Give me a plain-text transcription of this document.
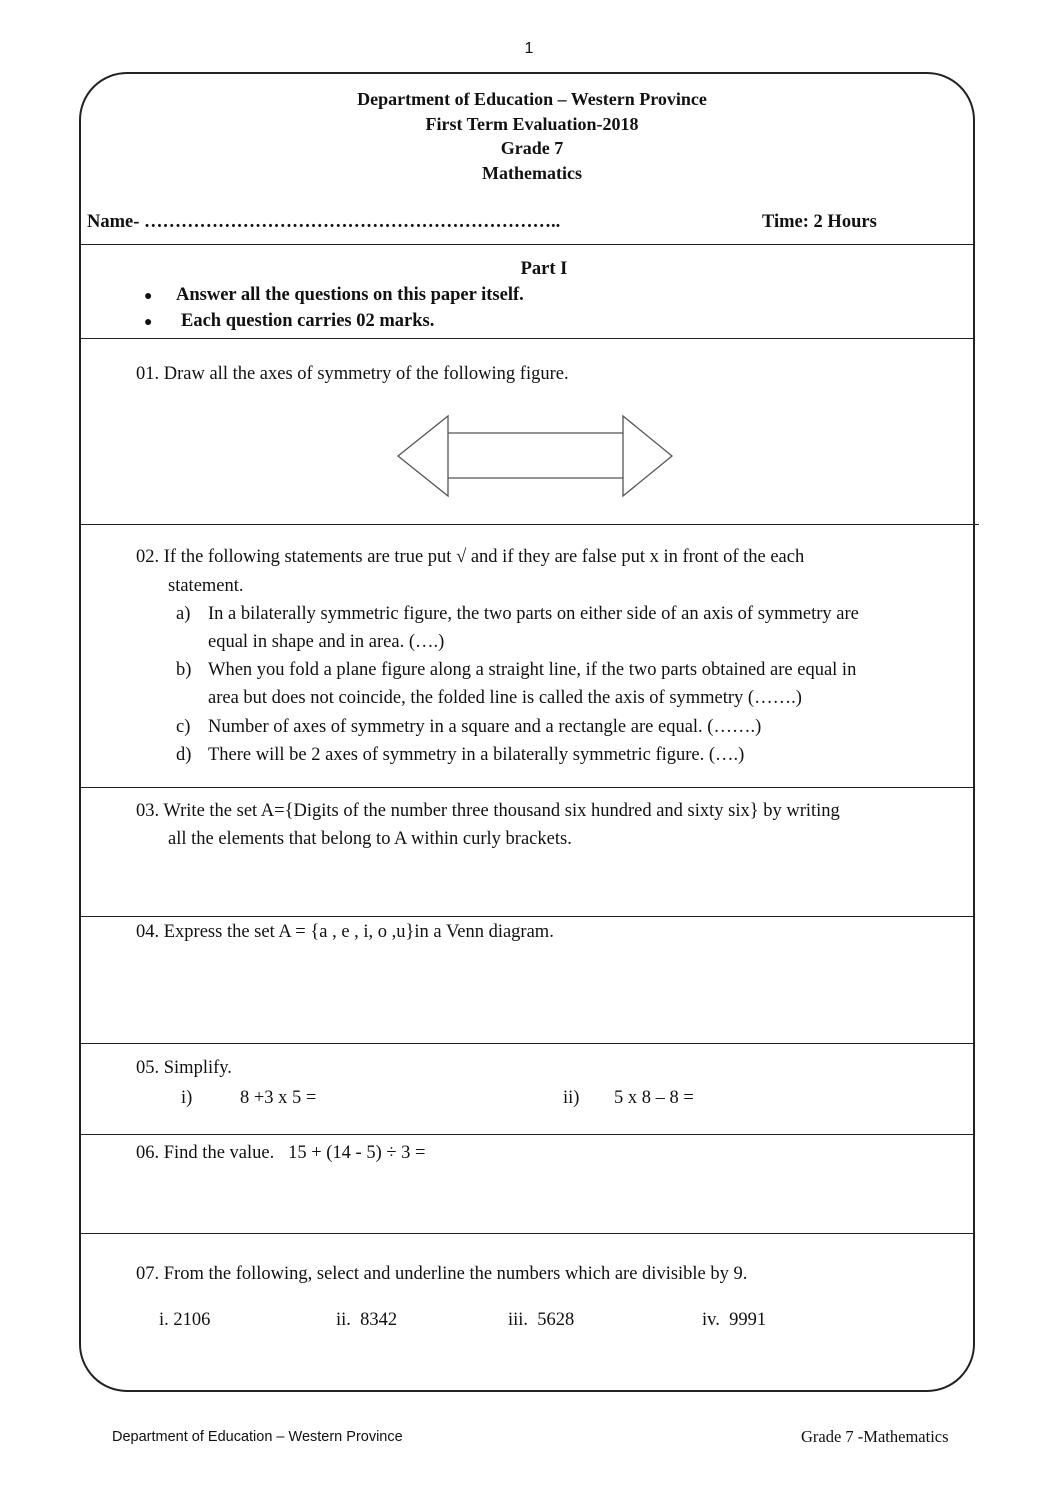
1
Department of Education – Western Province
First Term Evaluation-2018
Grade 7
Mathematics
Name- …………………………………………………………..	Time: 2 Hours
Part I
● Answer all the questions on this paper itself.
● Each question carries 02 marks.
01. Draw all the axes of symmetry of the following figure.
02. If the following statements are true put √ and if they are false put x in front of the each
statement.
a) In a bilaterally symmetric figure, the two parts on either side of an axis of symmetry are
equal in shape and in area. (….)
b) When you fold a plane figure along a straight line, if the two parts obtained are equal in
area but does not coincide, the folded line is called the axis of symmetry (…….)
c) Number of axes of symmetry in a square and a rectangle are equal. (…….)
d) There will be 2 axes of symmetry in a bilaterally symmetric figure. (….)
03. Write the set A={Digits of the number three thousand six hundred and sixty six} by writing
all the elements that belong to A within curly brackets.
04. Express the set A = {a , e , i, o ,u}in a Venn diagram.
05. Simplify.
i)	8 +3 x 5 =	ii) 5 x 8 – 8 =
06. Find the value.   15 + (14 - 5) ÷ 3 =
07. From the following, select and underline the numbers which are divisible by 9.
i. 2106	ii.  8342	iii.  5628	iv.  9991
Department of Education – Western Province	Grade 7 -Mathematics
